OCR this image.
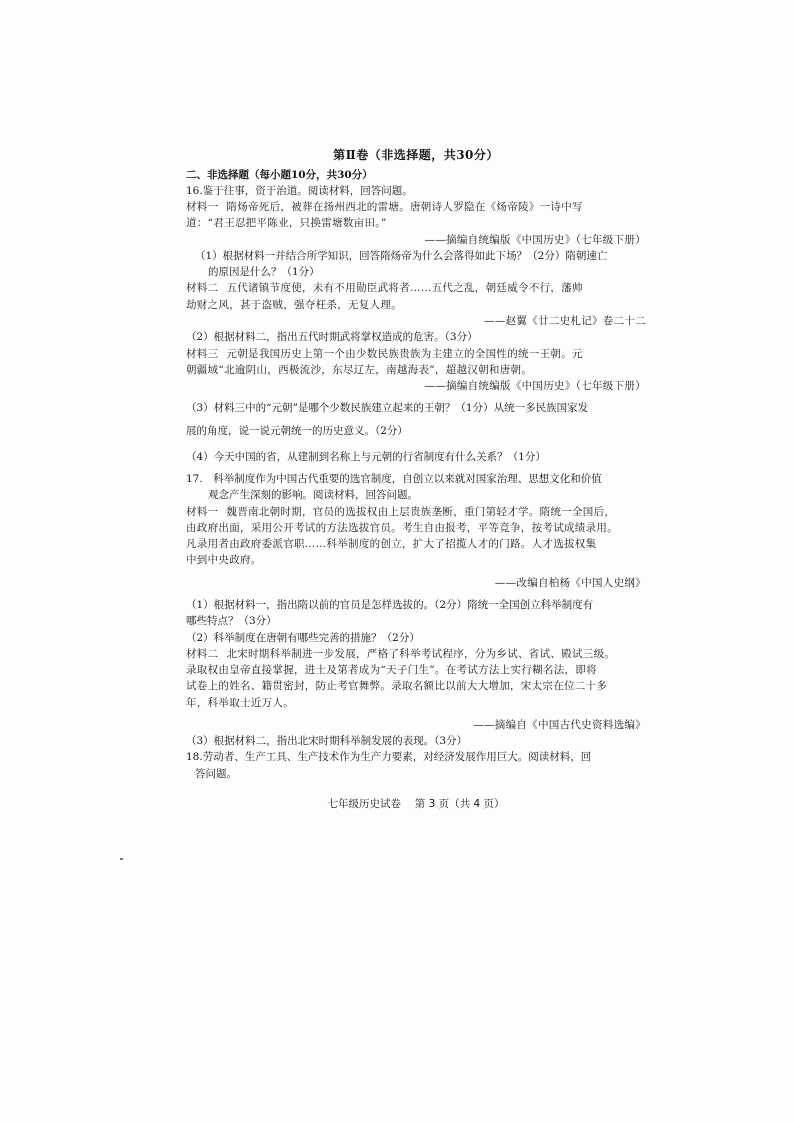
第Ⅱ卷（非选择题，共30分）

二、非选择题（每小题10分，共30分）

16.鉴于往事，资于治道。阅读材料，回答问题。

材料一 隋炀帝死后，被葬在扬州西北的雷塘。唐朝诗人罗隐在《炀帝陵》一诗中写

道：“君王忍把平陈业，只换雷塘数亩田。”

——摘编自统编版《中国历史》（七年级下册）

（1）根据材料一并结合所学知识，回答隋炀帝为什么会落得如此下场？（2分）隋朝速亡

的原因是什么？（1分）

材料二 五代诸镇节度使，未有不用勋臣武将者……五代之乱，朝廷威令不行，藩帅

劫财之风，甚于盗贼，强夺枉杀，无复人理。

——赵翼《廿二史札记》卷二十二

（2）根据材料二，指出五代时期武将掌权造成的危害。（3分）

材料三 元朝是我国历史上第一个由少数民族贵族为主建立的全国性的统一王朝。元

朝疆域“北逾阴山，西极流沙，东尽辽左，南越海表”，超越汉朝和唐朝。

——摘编自统编版《中国历史》（七年级下册）

（3）材料三中的“元朝”是哪个少数民族建立起来的王朝？（1分）从统一多民族国家发

展的角度，说一说元朝统一的历史意义。（2分）

（4）今天中国的省，从建制到名称上与元朝的行省制度有什么关系？（1分）

17.　科举制度作为中国古代重要的选官制度，自创立以来就对国家治理、思想文化和价值

观念产生深刻的影响。阅读材料，回答问题。

材料一 魏晋南北朝时期，官员的选拔权由上层贵族垄断，重门第轻才学。隋统一全国后，

由政府出面，采用公开考试的方法选拔官员。考生自由报考，平等竞争，按考试成绩录用。

凡录用者由政府委派官职……科举制度的创立，扩大了招揽人才的门路。人才选拔权集

中到中央政府。

——改编自柏杨《中国人史纲》

（1）根据材料一，指出隋以前的官员是怎样选拔的。（2分）隋统一全国创立科举制度有

哪些特点？（3分）

（2）科举制度在唐朝有哪些完善的措施？（2分）

材料二 北宋时期科举制进一步发展，严格了科举考试程序，分为乡试、省试、殿试三级。

录取权由皇帝直接掌握，进士及第者成为“天子门生”。在考试方法上实行糊名法，即将

试卷上的姓名、籍贯密封，防止考官舞弊。录取名额比以前大大增加，宋太宗在位二十多

年，科举取士近万人。

——摘编自《中国古代史资料选编》

（3）根据材料二，指出北宋时期科举制发展的表现。（3分）

18.劳动者、生产工具、生产技术作为生产力要素，对经济发展作用巨大。阅读材料，回

答问题。

七年级历史试卷　 第 3 页（共 4 页）
